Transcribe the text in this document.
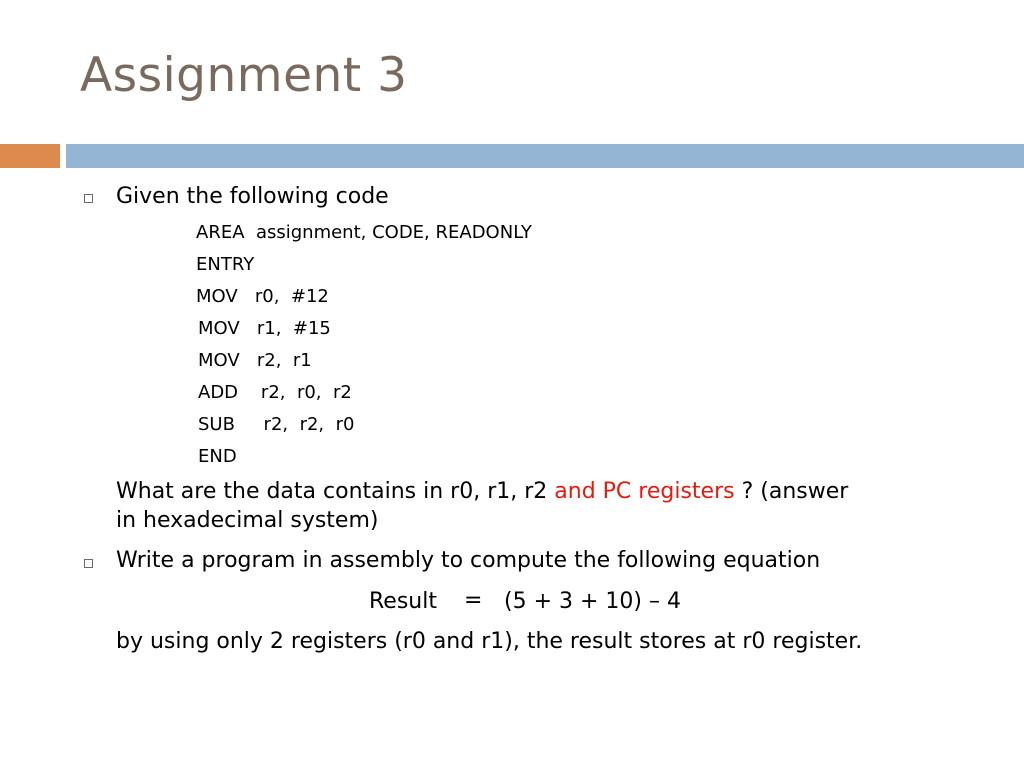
Assignment 3
Given the following code
AREA  assignment, CODE, READONLY
ENTRY
MOV   r0,  #12
MOV   r1,  #15
MOV   r2,  r1
ADD    r2,  r0,  r2
SUB     r2,  r2,  r0
END
What are the data contains in r0, r1, r2 and PC registers ? (answer
in hexadecimal system)
Write a program in assembly to compute the following equation
Result = (5 + 3 + 10) – 4
by using only 2 registers (r0 and r1), the result stores at r0 register.
